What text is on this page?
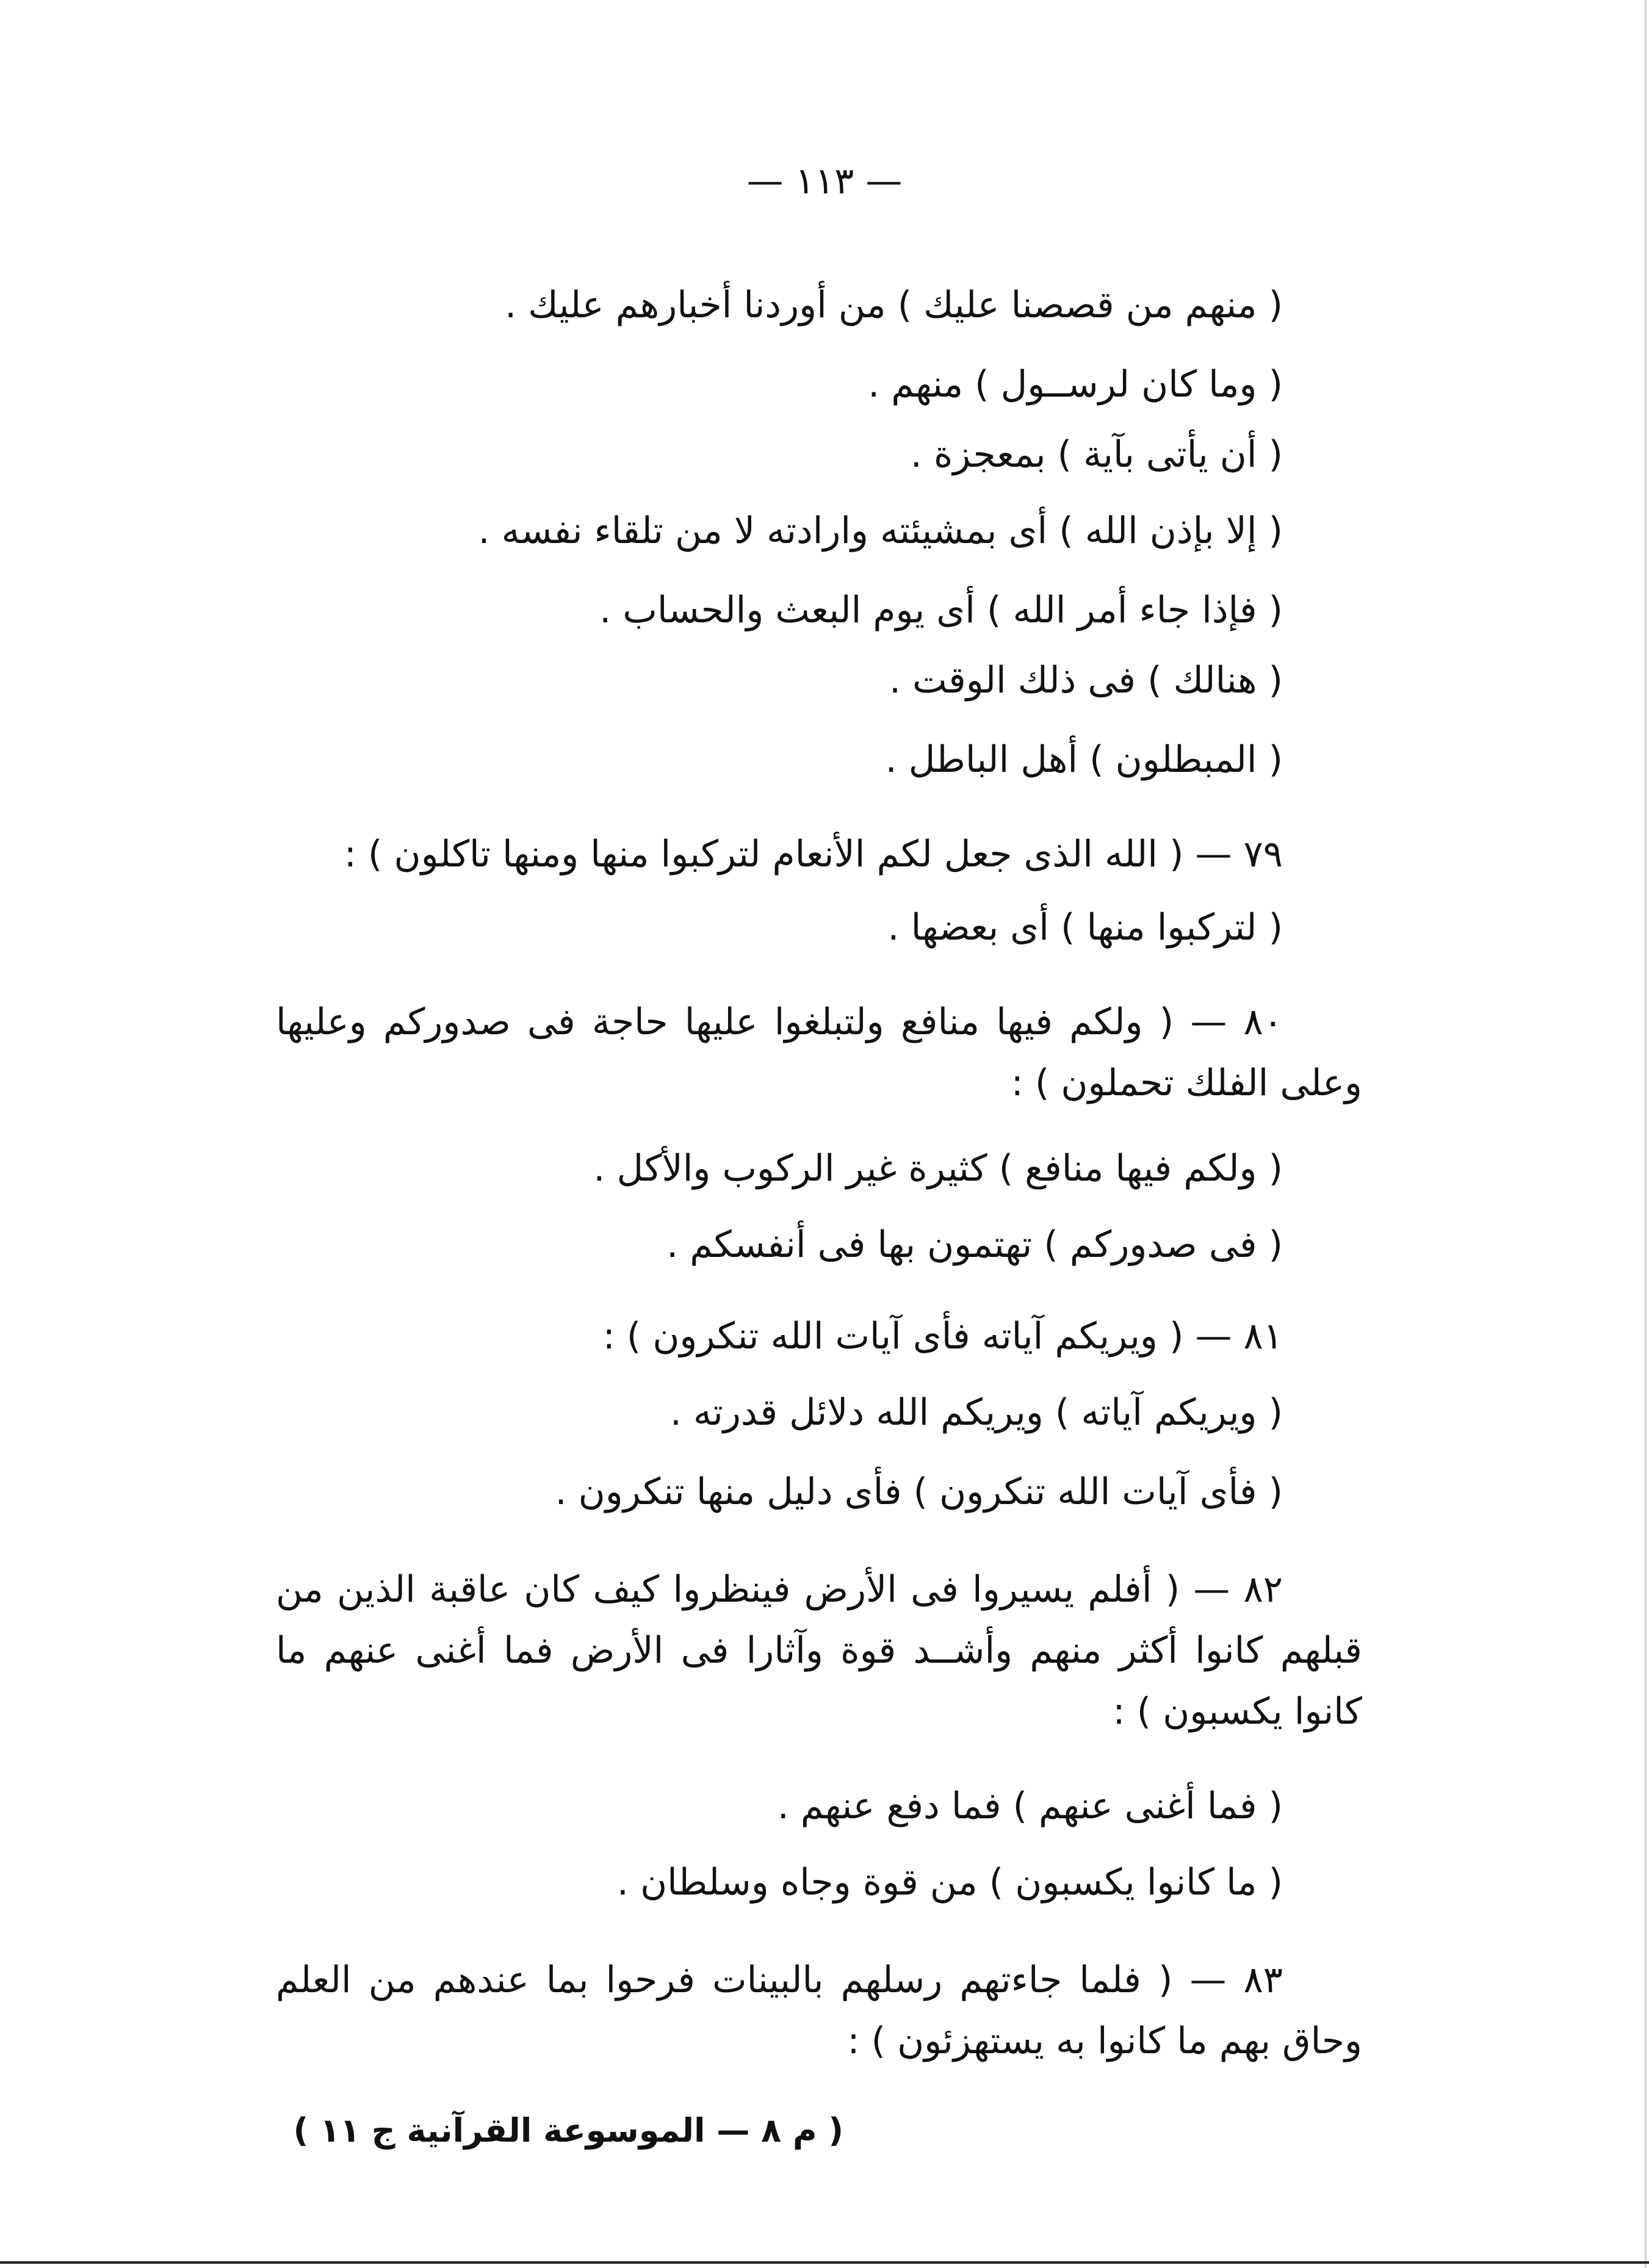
— ١١٣ —
( منهم من قصصنا عليك ) من أوردنا أخبارهم عليك .
( وما كان لرســول ) منهم .
( أن يأتى بآية ) بمعجزة .
( إلا بإذن الله ) أى بمشيئته وارادته لا من تلقاء نفسه .
( فإذا جاء أمر الله ) أى يوم البعث والحساب .
( هنالك ) فى ذلك الوقت .
( المبطلون ) أهل الباطل .
٧٩ — ( الله الذى جعل لكم الأنعام لتركبوا منها ومنها تاكلون ) :
( لتركبوا منها ) أى بعضها .
٨٠ — ( ولكم فيها منافع ولتبلغوا عليها حاجة فى صدوركم وعليها وعلى الفلك تحملون ) :
( ولكم فيها منافع ) كثيرة غير الركوب والأكل .
( فى صدوركم ) تهتمون بها فى أنفسكم .
٨١ — ( ويريكم آياته فأى آيات الله تنكرون ) :
( ويريكم آياته ) ويريكم الله دلائل قدرته .
( فأى آيات الله تنكرون ) فأى دليل منها تنكرون .
٨٢ — ( أفلم يسيروا فى الأرض فينظروا كيف كان عاقبة الذين من قبلهم كانوا أكثر منهم وأشــد قوة وآثارا فى الأرض فما أغنى عنهم ما كانوا يكسبون ) :
( فما أغنى عنهم ) فما دفع عنهم .
( ما كانوا يكسبون ) من قوة وجاه وسلطان .
٨٣ — ( فلما جاءتهم رسلهم بالبينات فرحوا بما عندهم من العلم وحاق بهم ما كانوا به يستهزئون ) :
( م ٨ — الموسوعة القرآنية ج ١١ )
